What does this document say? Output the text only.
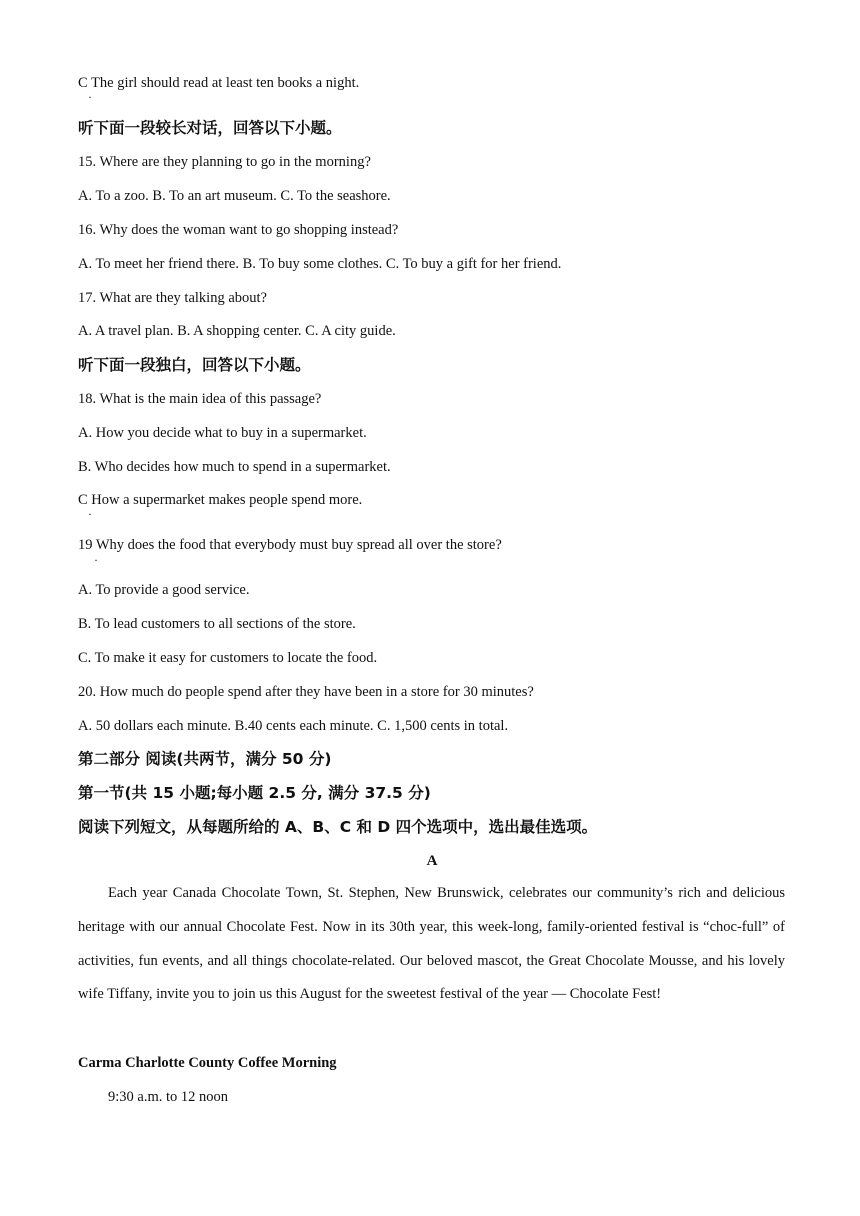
C The girl should read at least ten books a night.
·
听下面一段较长对话，回答以下小题。
15. Where are they planning to go in the morning?
A. To a zoo. B. To an art museum. C. To the seashore.
16. Why does the woman want to go shopping instead?
A. To meet her friend there. B. To buy some clothes. C. To buy a gift for her friend.
17. What are they talking about?
A. A travel plan. B. A shopping center. C. A city guide.
听下面一段独白，回答以下小题。
18. What is the main idea of this passage?
A. How you decide what to buy in a supermarket.
B. Who decides how much to spend in a supermarket.
C How a supermarket makes people spend more.
·
19 Why does the food that everybody must buy spread all over the store?
·
A. To provide a good service.
B. To lead customers to all sections of the store.
C. To make it easy for customers to locate the food.
20. How much do people spend after they have been in a store for 30 minutes?
A. 50 dollars each minute. B.40 cents each minute. C. 1,500 cents in total.
第二部分 阅读(共两节，满分 50 分)
第一节(共 15 小题;每小题 2.5 分, 满分 37.5 分)
阅读下列短文，从每题所给的 A、B、C 和 D 四个选项中，选出最佳选项。
A
Each year Canada Chocolate Town, St. Stephen, New Brunswick, celebrates our community’s rich and delicious heritage with our annual Chocolate Fest. Now in its 30th year, this week-long, family-oriented festival is “choc-full” of activities, fun events, and all things chocolate-related. Our beloved mascot, the Great Chocolate Mousse, and his lovely wife Tiffany, invite you to join us this August for the sweetest festival of the year — Chocolate Fest!
Carma Charlotte County Coffee Morning
9:30 a.m. to 12 noon
